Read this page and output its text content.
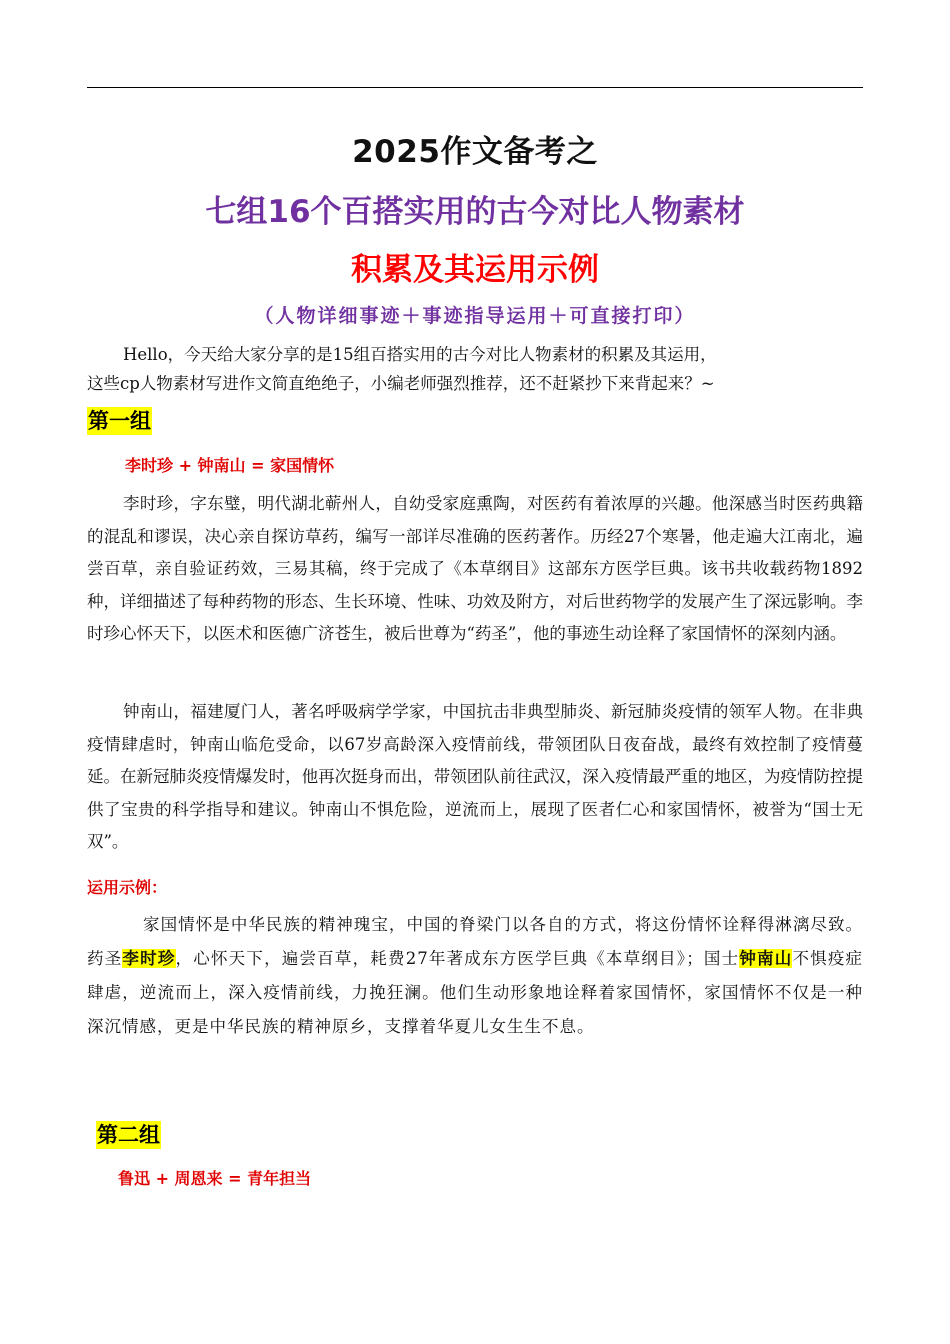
2025作文备考之
七组16个百搭实用的古今对比人物素材
积累及其运用示例
（人物详细事迹＋事迹指导运用＋可直接打印）
Hello，今天给大家分享的是15组百搭实用的古今对比人物素材的积累及其运用，
这些cp人物素材写进作文简直绝绝子，小编老师强烈推荐，还不赶紧抄下来背起来？~
第一组
李时珍 + 钟南山 = 家国情怀

李时珍，字东璧，明代湖北蕲州人，自幼受家庭熏陶，对医药有着浓厚的兴趣。他深感当时医药典籍的混乱和谬误，决心亲自探访草药，编写一部详尽准确的医药著作。历经27个寒暑，他走遍大江南北，遍尝百草，亲自验证药效，三易其稿，终于完成了《本草纲目》这部东方医学巨典。该书共收载药物1892种，详细描述了每种药物的形态、生长环境、性味、功效及附方，对后世药物学的发展产生了深远影响。李时珍心怀天下，以医术和医德广济苍生，被后世尊为“药圣”，他的事迹生动诠释了家国情怀的深刻内涵。

钟南山，福建厦门人，著名呼吸病学学家，中国抗击非典型肺炎、新冠肺炎疫情的领军人物。在非典疫情肆虐时，钟南山临危受命，以67岁高龄深入疫情前线，带领团队日夜奋战，最终有效控制了疫情蔓延。在新冠肺炎疫情爆发时，他再次挺身而出，带领团队前往武汉，深入疫情最严重的地区，为疫情防控提供了宝贵的科学指导和建议。钟南山不惧危险，逆流而上，展现了医者仁心和家国情怀，被誉为“国士无双”。

运用示例：

家国情怀是中华民族的精神瑰宝，中国的脊梁门以各自的方式，将这份情怀诠释得淋漓尽致。药圣李时珍，心怀天下，遍尝百草，耗费27年著成东方医学巨典《本草纲目》；国士钟南山不惧疫症肆虐，逆流而上，深入疫情前线，力挽狂澜。他们生动形象地诠释着家国情怀，家国情怀不仅是一种深沉情感，更是中华民族的精神原乡，支撑着华夏儿女生生不息。

第二组
鲁迅 + 周恩来 = 青年担当
